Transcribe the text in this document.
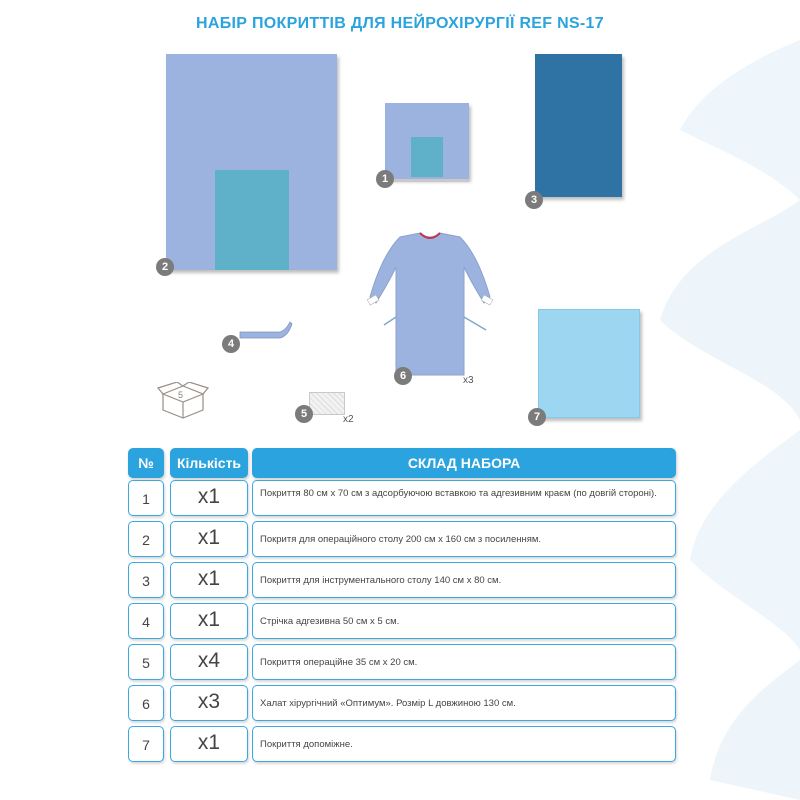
НАБІР ПОКРИТТІВ ДЛЯ НЕЙРОХІРУРГІЇ REF NS-17
2
1
3
6	x3
4
5
5	x2	7
№	Кількість	СКЛАД НАБОРА
1	x1	Покриття 80 см х 70 см з адсорбуючою вставкою та адгезивним краєм (по довгій стороні).
2	x1	Покритя для операційного столу 200 см х 160 см з посиленням.
3	x1	Покриття для інструментального столу 140 см х 80 см.
4	x1	Стрічка адгезивна 50 см х 5 см.
5	x4	Покриття операційне 35 см х 20 см.
6	x3	Халат хірургічний «Оптимум». Розмір L довжиною 130 см.
7	x1	Покриття допоміжне.
